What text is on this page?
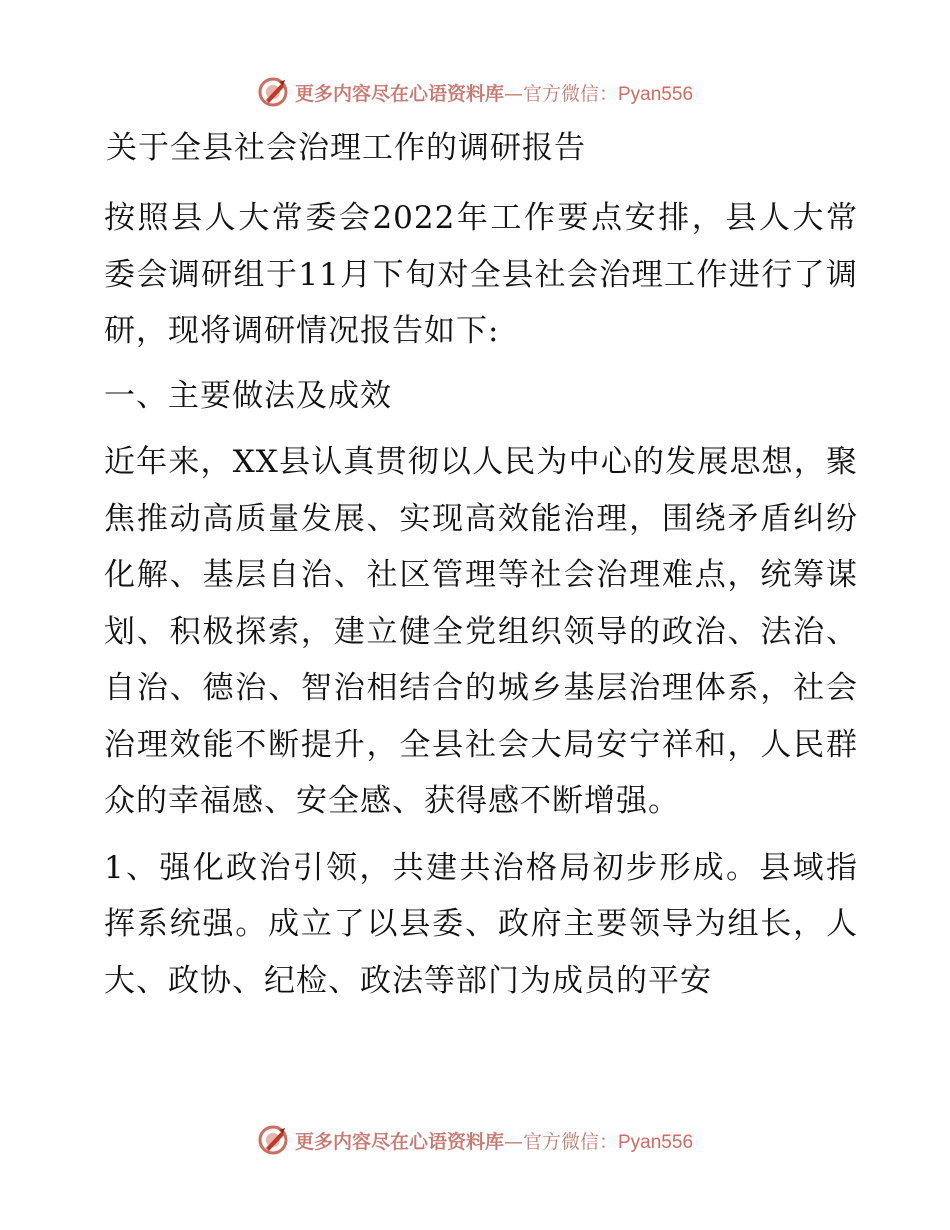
更多内容尽在心语资料库—官方微信：Pyan556
关于全县社会治理工作的调研报告

按照县人大常委会2022年工作要点安排，县人大常委会调研组于11月下旬对全县社会治理工作进行了调研，现将调研情况报告如下:

一、主要做法及成效

近年来，XX县认真贯彻以人民为中心的发展思想，聚焦推动高质量发展、实现高效能治理，围绕矛盾纠纷化解、基层自治、社区管理等社会治理难点，统筹谋划、积极探索，建立健全党组织领导的政治、法治、自治、德治、智治相结合的城乡基层治理体系，社会治理效能不断提升，全县社会大局安宁祥和，人民群众的幸福感、安全感、获得感不断增强。

1、强化政治引领，共建共治格局初步形成。县域指挥系统强。成立了以县委、政府主要领导为组长，人大、政协、纪检、政法等部门为成员的平安

更多内容尽在心语资料库—官方微信：Pyan556
